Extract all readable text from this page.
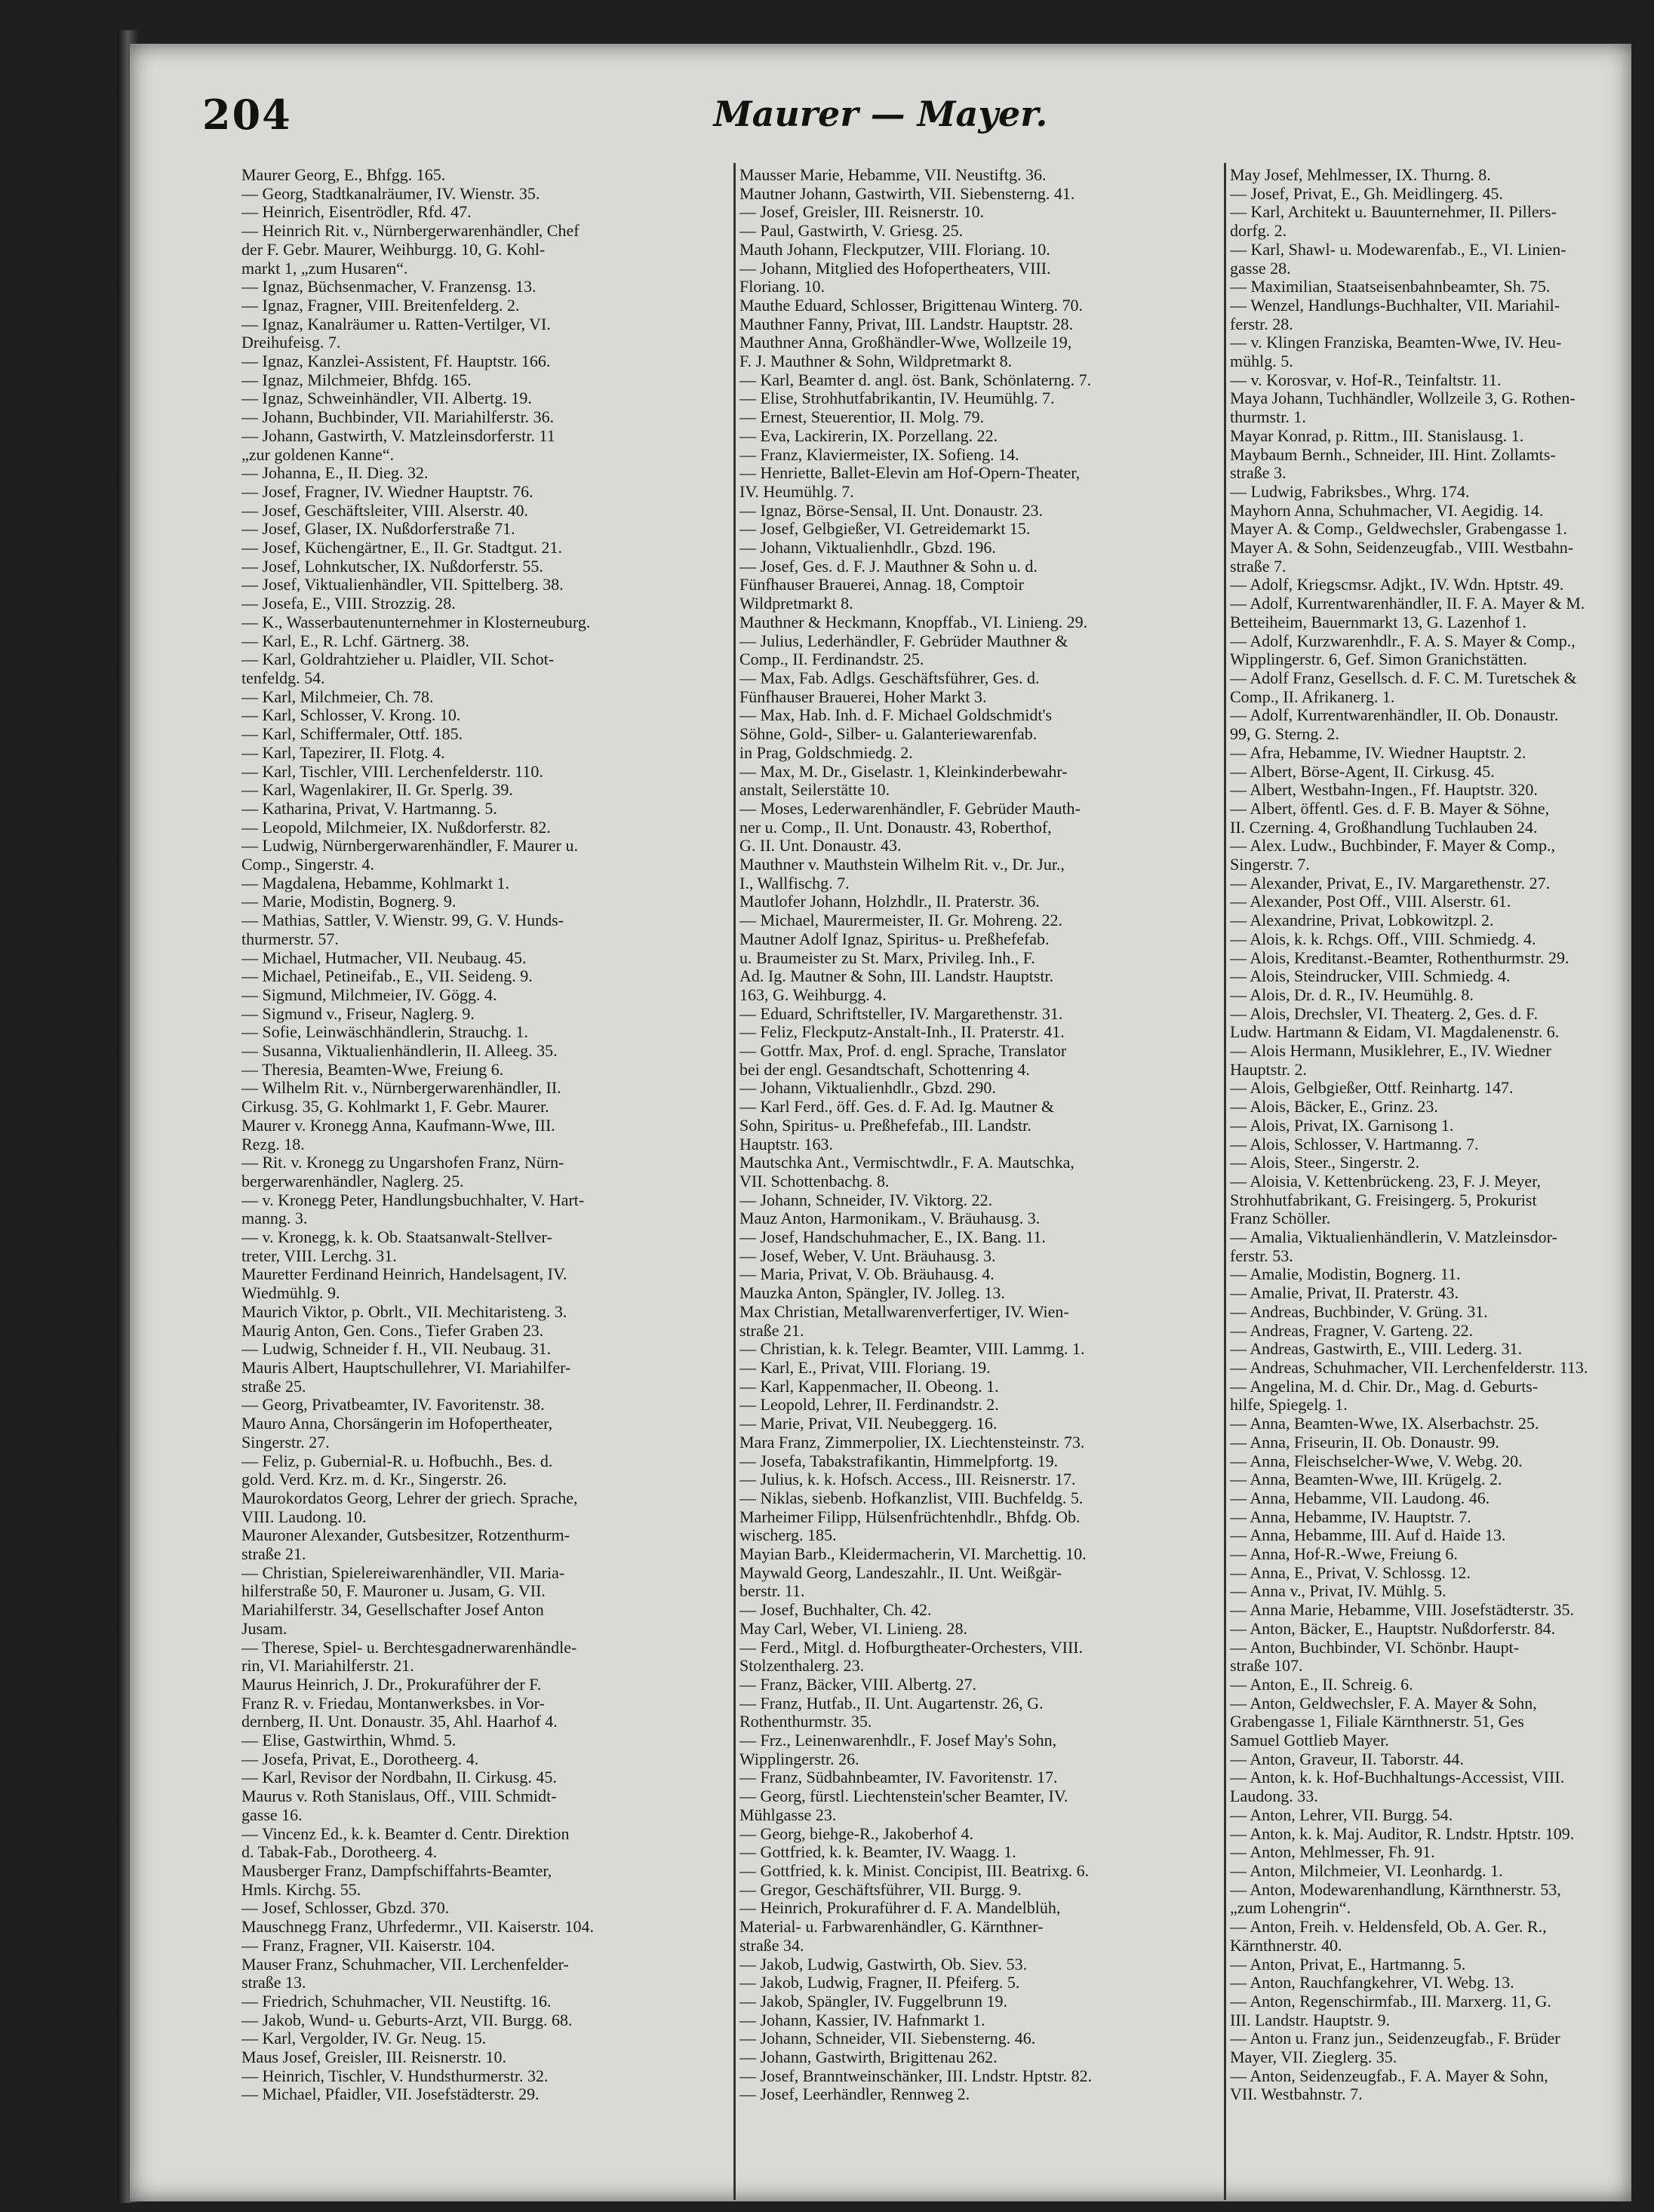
204	Maurer — Mayer.
Maurer Georg, E., Bhfgg. 165.
— Georg, Stadtkanalräumer, IV. Wienstr. 35.
— Heinrich, Eisentrödler, Rfd. 47.
— Heinrich Rit. v., Nürnbergerwarenhändler, Chef
der F. Gebr. Maurer, Weihburgg. 10, G. Kohl-
markt 1, „zum Husaren“.
— Ignaz, Büchsenmacher, V. Franzensg. 13.
— Ignaz, Fragner, VIII. Breitenfelderg. 2.
— Ignaz, Kanalräumer u. Ratten-Vertilger, VI.
Dreihufeisg. 7.
— Ignaz, Kanzlei-Assistent, Ff. Hauptstr. 166.
— Ignaz, Milchmeier, Bhfdg. 165.
— Ignaz, Schweinhändler, VII. Albertg. 19.
— Johann, Buchbinder, VII. Mariahilferstr. 36.
— Johann, Gastwirth, V. Matzleinsdorferstr. 11
„zur goldenen Kanne“.
— Johanna, E., II. Dieg. 32.
— Josef, Fragner, IV. Wiedner Hauptstr. 76.
— Josef, Geschäftsleiter, VIII. Alserstr. 40.
— Josef, Glaser, IX. Nußdorferstraße 71.
— Josef, Küchengärtner, E., II. Gr. Stadtgut. 21.
— Josef, Lohnkutscher, IX. Nußdorferstr. 55.
— Josef, Viktualienhändler, VII. Spittelberg. 38.
— Josefa, E., VIII. Strozzig. 28.
— K., Wasserbautenunternehmer in Klosterneuburg.
— Karl, E., R. Lchf. Gärtnerg. 38.
— Karl, Goldrahtzieher u. Plaidler, VII. Schot-
tenfeldg. 54.
— Karl, Milchmeier, Ch. 78.
— Karl, Schlosser, V. Krong. 10.
— Karl, Schiffermaler, Ottf. 185.
— Karl, Tapezirer, II. Flotg. 4.
— Karl, Tischler, VIII. Lerchenfelderstr. 110.
— Karl, Wagenlakirer, II. Gr. Sperlg. 39.
— Katharina, Privat, V. Hartmanng. 5.
— Leopold, Milchmeier, IX. Nußdorferstr. 82.
— Ludwig, Nürnbergerwarenhändler, F. Maurer u.
Comp., Singerstr. 4.
— Magdalena, Hebamme, Kohlmarkt 1.
— Marie, Modistin, Bognerg. 9.
— Mathias, Sattler, V. Wienstr. 99, G. V. Hunds-
thurmerstr. 57.
— Michael, Hutmacher, VII. Neubaug. 45.
— Michael, Petineifab., E., VII. Seideng. 9.
— Sigmund, Milchmeier, IV. Gögg. 4.
— Sigmund v., Friseur, Naglerg. 9.
— Sofie, Leinwäschhändlerin, Strauchg. 1.
— Susanna, Viktualienhändlerin, II. Alleeg. 35.
— Theresia, Beamten-Wwe, Freiung 6.
— Wilhelm Rit. v., Nürnbergerwarenhändler, II.
Cirkusg. 35, G. Kohlmarkt 1, F. Gebr. Maurer.
Maurer v. Kronegg Anna, Kaufmann-Wwe, III.
Rezg. 18.
— Rit. v. Kronegg zu Ungarshofen Franz, Nürn-
bergerwarenhändler, Naglerg. 25.
— v. Kronegg Peter, Handlungsbuchhalter, V. Hart-
manng. 3.
— v. Kronegg, k. k. Ob. Staatsanwalt-Stellver-
treter, VIII. Lerchg. 31.
Mauretter Ferdinand Heinrich, Handelsagent, IV.
Wiedmühlg. 9.
Maurich Viktor, p. Obrlt., VII. Mechitaristeng. 3.
Maurig Anton, Gen. Cons., Tiefer Graben 23.
— Ludwig, Schneider f. H., VII. Neubaug. 31.
Mauris Albert, Hauptschullehrer, VI. Mariahilfer-
straße 25.
— Georg, Privatbeamter, IV. Favoritenstr. 38.
Mauro Anna, Chorsängerin im Hofopertheater,
Singerstr. 27.
— Feliz, p. Gubernial-R. u. Hofbuchh., Bes. d.
gold. Verd. Krz. m. d. Kr., Singerstr. 26.
Maurokordatos Georg, Lehrer der griech. Sprache,
VIII. Laudong. 10.
Mauroner Alexander, Gutsbesitzer, Rotzenthurm-
straße 21.
— Christian, Spielereiwarenhändler, VII. Maria-
hilferstraße 50, F. Mauroner u. Jusam, G. VII.
Mariahilferstr. 34, Gesellschafter Josef Anton
Jusam.
— Therese, Spiel- u. Berchtesgadnerwarenhändle-
rin, VI. Mariahilferstr. 21.
Maurus Heinrich, J. Dr., Prokuraführer der F.
Franz R. v. Friedau, Montanwerksbes. in Vor-
dernberg, II. Unt. Donaustr. 35, Ahl. Haarhof 4.
— Elise, Gastwirthin, Whmd. 5.
— Josefa, Privat, E., Dorotheerg. 4.
— Karl, Revisor der Nordbahn, II. Cirkusg. 45.
Maurus v. Roth Stanislaus, Off., VIII. Schmidt-
gasse 16.
— Vincenz Ed., k. k. Beamter d. Centr. Direktion
d. Tabak-Fab., Dorotheerg. 4.
Mausberger Franz, Dampfschiffahrts-Beamter,
Hmls. Kirchg. 55.
— Josef, Schlosser, Gbzd. 370.
Mauschnegg Franz, Uhrfedermr., VII. Kaiserstr. 104.
— Franz, Fragner, VII. Kaiserstr. 104.
Mauser Franz, Schuhmacher, VII. Lerchenfelder-
straße 13.
— Friedrich, Schuhmacher, VII. Neustiftg. 16.
— Jakob, Wund- u. Geburts-Arzt, VII. Burgg. 68.
— Karl, Vergolder, IV. Gr. Neug. 15.
Maus Josef, Greisler, III. Reisnerstr. 10.
— Heinrich, Tischler, V. Hundsthurmerstr. 32.
— Michael, Pfaidler, VII. Josefstädterstr. 29.
Mausser Marie, Hebamme, VII. Neustiftg. 36.
Mautner Johann, Gastwirth, VII. Siebensterng. 41.
— Josef, Greisler, III. Reisnerstr. 10.
— Paul, Gastwirth, V. Griesg. 25.
Mauth Johann, Fleckputzer, VIII. Floriang. 10.
— Johann, Mitglied des Hofopertheaters, VIII.
Floriang. 10.
Mauthe Eduard, Schlosser, Brigittenau Winterg. 70.
Mauthner Fanny, Privat, III. Landstr. Hauptstr. 28.
Mauthner Anna, Großhändler-Wwe, Wollzeile 19,
F. J. Mauthner & Sohn, Wildpretmarkt 8.
— Karl, Beamter d. angl. öst. Bank, Schönlaterng. 7.
— Elise, Strohhutfabrikantin, IV. Heumühlg. 7.
— Ernest, Steuerentior, II. Molg. 79.
— Eva, Lackirerin, IX. Porzellang. 22.
— Franz, Klaviermeister, IX. Sofieng. 14.
— Henriette, Ballet-Elevin am Hof-Opern-Theater,
IV. Heumühlg. 7.
— Ignaz, Börse-Sensal, II. Unt. Donaustr. 23.
— Josef, Gelbgießer, VI. Getreidemarkt 15.
— Johann, Viktualienhdlr., Gbzd. 196.
— Josef, Ges. d. F. J. Mauthner & Sohn u. d.
Fünfhauser Brauerei, Annag. 18, Comptoir
Wildpretmarkt 8.
Mauthner & Heckmann, Knopffab., VI. Linieng. 29.
— Julius, Lederhändler, F. Gebrüder Mauthner &
Comp., II. Ferdinandstr. 25.
— Max, Fab. Adlgs. Geschäftsführer, Ges. d.
Fünfhauser Brauerei, Hoher Markt 3.
— Max, Hab. Inh. d. F. Michael Goldschmidt's
Söhne, Gold-, Silber- u. Galanteriewarenfab.
in Prag, Goldschmiedg. 2.
— Max, M. Dr., Giselastr. 1, Kleinkinderbewahr-
anstalt, Seilerstätte 10.
— Moses, Lederwarenhändler, F. Gebrüder Mauth-
ner u. Comp., II. Unt. Donaustr. 43, Roberthof,
G. II. Unt. Donaustr. 43.
Mauthner v. Mauthstein Wilhelm Rit. v., Dr. Jur.,
I., Wallfischg. 7.
Mautlofer Johann, Holzhdlr., II. Praterstr. 36.
— Michael, Maurermeister, II. Gr. Mohreng. 22.
Mautner Adolf Ignaz, Spiritus- u. Preßhefefab.
u. Braumeister zu St. Marx, Privileg. Inh., F.
Ad. Ig. Mautner & Sohn, III. Landstr. Hauptstr.
163, G. Weihburgg. 4.
— Eduard, Schriftsteller, IV. Margarethenstr. 31.
— Feliz, Fleckputz-Anstalt-Inh., II. Praterstr. 41.
— Gottfr. Max, Prof. d. engl. Sprache, Translator
bei der engl. Gesandtschaft, Schottenring 4.
— Johann, Viktualienhdlr., Gbzd. 290.
— Karl Ferd., öff. Ges. d. F. Ad. Ig. Mautner &
Sohn, Spiritus- u. Preßhefefab., III. Landstr.
Hauptstr. 163.
Mautschka Ant., Vermischtwdlr., F. A. Mautschka,
VII. Schottenbachg. 8.
— Johann, Schneider, IV. Viktorg. 22.
Mauz Anton, Harmonikam., V. Bräuhausg. 3.
— Josef, Handschuhmacher, E., IX. Bang. 11.
— Josef, Weber, V. Unt. Bräuhausg. 3.
— Maria, Privat, V. Ob. Bräuhausg. 4.
Mauzka Anton, Spängler, IV. Jolleg. 13.
Max Christian, Metallwarenverfertiger, IV. Wien-
straße 21.
— Christian, k. k. Telegr. Beamter, VIII. Lammg. 1.
— Karl, E., Privat, VIII. Floriang. 19.
— Karl, Kappenmacher, II. Obeong. 1.
— Leopold, Lehrer, II. Ferdinandstr. 2.
— Marie, Privat, VII. Neubeggerg. 16.
Mara Franz, Zimmerpolier, IX. Liechtensteinstr. 73.
— Josefa, Tabakstrafikantin, Himmelpfortg. 19.
— Julius, k. k. Hofsch. Access., III. Reisnerstr. 17.
— Niklas, siebenb. Hofkanzlist, VIII. Buchfeldg. 5.
Marheimer Filipp, Hülsenfrüchtenhdlr., Bhfdg. Ob.
wischerg. 185.
Mayian Barb., Kleidermacherin, VI. Marchettig. 10.
Maywald Georg, Landeszahlr., II. Unt. Weißgär-
berstr. 11.
— Josef, Buchhalter, Ch. 42.
May Carl, Weber, VI. Linieng. 28.
— Ferd., Mitgl. d. Hofburgtheater-Orchesters, VIII.
Stolzenthalerg. 23.
— Franz, Bäcker, VIII. Albertg. 27.
— Franz, Hutfab., II. Unt. Augartenstr. 26, G.
Rothenthurmstr. 35.
— Frz., Leinenwarenhdlr., F. Josef May's Sohn,
Wipplingerstr. 26.
— Franz, Südbahnbeamter, IV. Favoritenstr. 17.
— Georg, fürstl. Liechtenstein'scher Beamter, IV.
Mühlgasse 23.
— Georg, biehge-R., Jakoberhof 4.
— Gottfried, k. k. Beamter, IV. Waagg. 1.
— Gottfried, k. k. Minist. Concipist, III. Beatrixg. 6.
— Gregor, Geschäftsführer, VII. Burgg. 9.
— Heinrich, Prokuraführer d. F. A. Mandelblüh,
Material- u. Farbwarenhändler, G. Kärnthner-
straße 34.
— Jakob, Ludwig, Gastwirth, Ob. Siev. 53.
— Jakob, Ludwig, Fragner, II. Pfeiferg. 5.
— Jakob, Spängler, IV. Fuggelbrunn 19.
— Johann, Kassier, IV. Hafnmarkt 1.
— Johann, Schneider, VII. Siebensterng. 46.
— Johann, Gastwirth, Brigittenau 262.
— Josef, Branntweinschänker, III. Lndstr. Hptstr. 82.
— Josef, Leerhändler, Rennweg 2.
May Josef, Mehlmesser, IX. Thurng. 8.
— Josef, Privat, E., Gh. Meidlingerg. 45.
— Karl, Architekt u. Bauunternehmer, II. Pillers-
dorfg. 2.
— Karl, Shawl- u. Modewarenfab., E., VI. Linien-
gasse 28.
— Maximilian, Staatseisenbahnbeamter, Sh. 75.
— Wenzel, Handlungs-Buchhalter, VII. Mariahil-
ferstr. 28.
— v. Klingen Franziska, Beamten-Wwe, IV. Heu-
mühlg. 5.
— v. Korosvar, v. Hof-R., Teinfaltstr. 11.
Maya Johann, Tuchhändler, Wollzeile 3, G. Rothen-
thurmstr. 1.
Mayar Konrad, p. Rittm., III. Stanislausg. 1.
Maybaum Bernh., Schneider, III. Hint. Zollamts-
straße 3.
— Ludwig, Fabriksbes., Whrg. 174.
Mayhorn Anna, Schuhmacher, VI. Aegidig. 14.
Mayer A. & Comp., Geldwechsler, Grabengasse 1.
Mayer A. & Sohn, Seidenzeugfab., VIII. Westbahn-
straße 7.
— Adolf, Kriegscmsr. Adjkt., IV. Wdn. Hptstr. 49.
— Adolf, Kurrentwarenhändler, II. F. A. Mayer & M.
Betteiheim, Bauernmarkt 13, G. Lazenhof 1.
— Adolf, Kurzwarenhdlr., F. A. S. Mayer & Comp.,
Wipplingerstr. 6, Gef. Simon Granichstätten.
— Adolf Franz, Gesellsch. d. F. C. M. Turetschek &
Comp., II. Afrikanerg. 1.
— Adolf, Kurrentwarenhändler, II. Ob. Donaustr.
99, G. Sterng. 2.
— Afra, Hebamme, IV. Wiedner Hauptstr. 2.
— Albert, Börse-Agent, II. Cirkusg. 45.
— Albert, Westbahn-Ingen., Ff. Hauptstr. 320.
— Albert, öffentl. Ges. d. F. B. Mayer & Söhne,
II. Czerning. 4, Großhandlung Tuchlauben 24.
— Alex. Ludw., Buchbinder, F. Mayer & Comp.,
Singerstr. 7.
— Alexander, Privat, E., IV. Margarethenstr. 27.
— Alexander, Post Off., VIII. Alserstr. 61.
— Alexandrine, Privat, Lobkowitzpl. 2.
— Alois, k. k. Rchgs. Off., VIII. Schmiedg. 4.
— Alois, Kreditanst.-Beamter, Rothenthurmstr. 29.
— Alois, Steindrucker, VIII. Schmiedg. 4.
— Alois, Dr. d. R., IV. Heumühlg. 8.
— Alois, Drechsler, VI. Theaterg. 2, Ges. d. F.
Ludw. Hartmann & Eidam, VI. Magdalenenstr. 6.
— Alois Hermann, Musiklehrer, E., IV. Wiedner
Hauptstr. 2.
— Alois, Gelbgießer, Ottf. Reinhartg. 147.
— Alois, Bäcker, E., Grinz. 23.
— Alois, Privat, IX. Garnisong 1.
— Alois, Schlosser, V. Hartmanng. 7.
— Alois, Steer., Singerstr. 2.
— Aloisia, V. Kettenbrückeng. 23, F. J. Meyer,
Strohhutfabrikant, G. Freisingerg. 5, Prokurist
Franz Schöller.
— Amalia, Viktualienhändlerin, V. Matzleinsdor-
ferstr. 53.
— Amalie, Modistin, Bognerg. 11.
— Amalie, Privat, II. Praterstr. 43.
— Andreas, Buchbinder, V. Grüng. 31.
— Andreas, Fragner, V. Garteng. 22.
— Andreas, Gastwirth, E., VIII. Lederg. 31.
— Andreas, Schuhmacher, VII. Lerchenfelderstr. 113.
— Angelina, M. d. Chir. Dr., Mag. d. Geburts-
hilfe, Spiegelg. 1.
— Anna, Beamten-Wwe, IX. Alserbachstr. 25.
— Anna, Friseurin, II. Ob. Donaustr. 99.
— Anna, Fleischselcher-Wwe, V. Webg. 20.
— Anna, Beamten-Wwe, III. Krügelg. 2.
— Anna, Hebamme, VII. Laudong. 46.
— Anna, Hebamme, IV. Hauptstr. 7.
— Anna, Hebamme, III. Auf d. Haide 13.
— Anna, Hof-R.-Wwe, Freiung 6.
— Anna, E., Privat, V. Schlossg. 12.
— Anna v., Privat, IV. Mühlg. 5.
— Anna Marie, Hebamme, VIII. Josefstädterstr. 35.
— Anton, Bäcker, E., Hauptstr. Nußdorferstr. 84.
— Anton, Buchbinder, VI. Schönbr. Haupt-
straße 107.
— Anton, E., II. Schreig. 6.
— Anton, Geldwechsler, F. A. Mayer & Sohn,
Grabengasse 1, Filiale Kärnthnerstr. 51, Ges
Samuel Gottlieb Mayer.
— Anton, Graveur, II. Taborstr. 44.
— Anton, k. k. Hof-Buchhaltungs-Accessist, VIII.
Laudong. 33.
— Anton, Lehrer, VII. Burgg. 54.
— Anton, k. k. Maj. Auditor, R. Lndstr. Hptstr. 109.
— Anton, Mehlmesser, Fh. 91.
— Anton, Milchmeier, VI. Leonhardg. 1.
— Anton, Modewarenhandlung, Kärnthnerstr. 53,
„zum Lohengrin“.
— Anton, Freih. v. Heldensfeld, Ob. A. Ger. R.,
Kärnthnerstr. 40.
— Anton, Privat, E., Hartmanng. 5.
— Anton, Rauchfangkehrer, VI. Webg. 13.
— Anton, Regenschirmfab., III. Marxerg. 11, G.
III. Landstr. Hauptstr. 9.
— Anton u. Franz jun., Seidenzeugfab., F. Brüder
Mayer, VII. Zieglerg. 35.
— Anton, Seidenzeugfab., F. A. Mayer & Sohn,
VII. Westbahnstr. 7.
